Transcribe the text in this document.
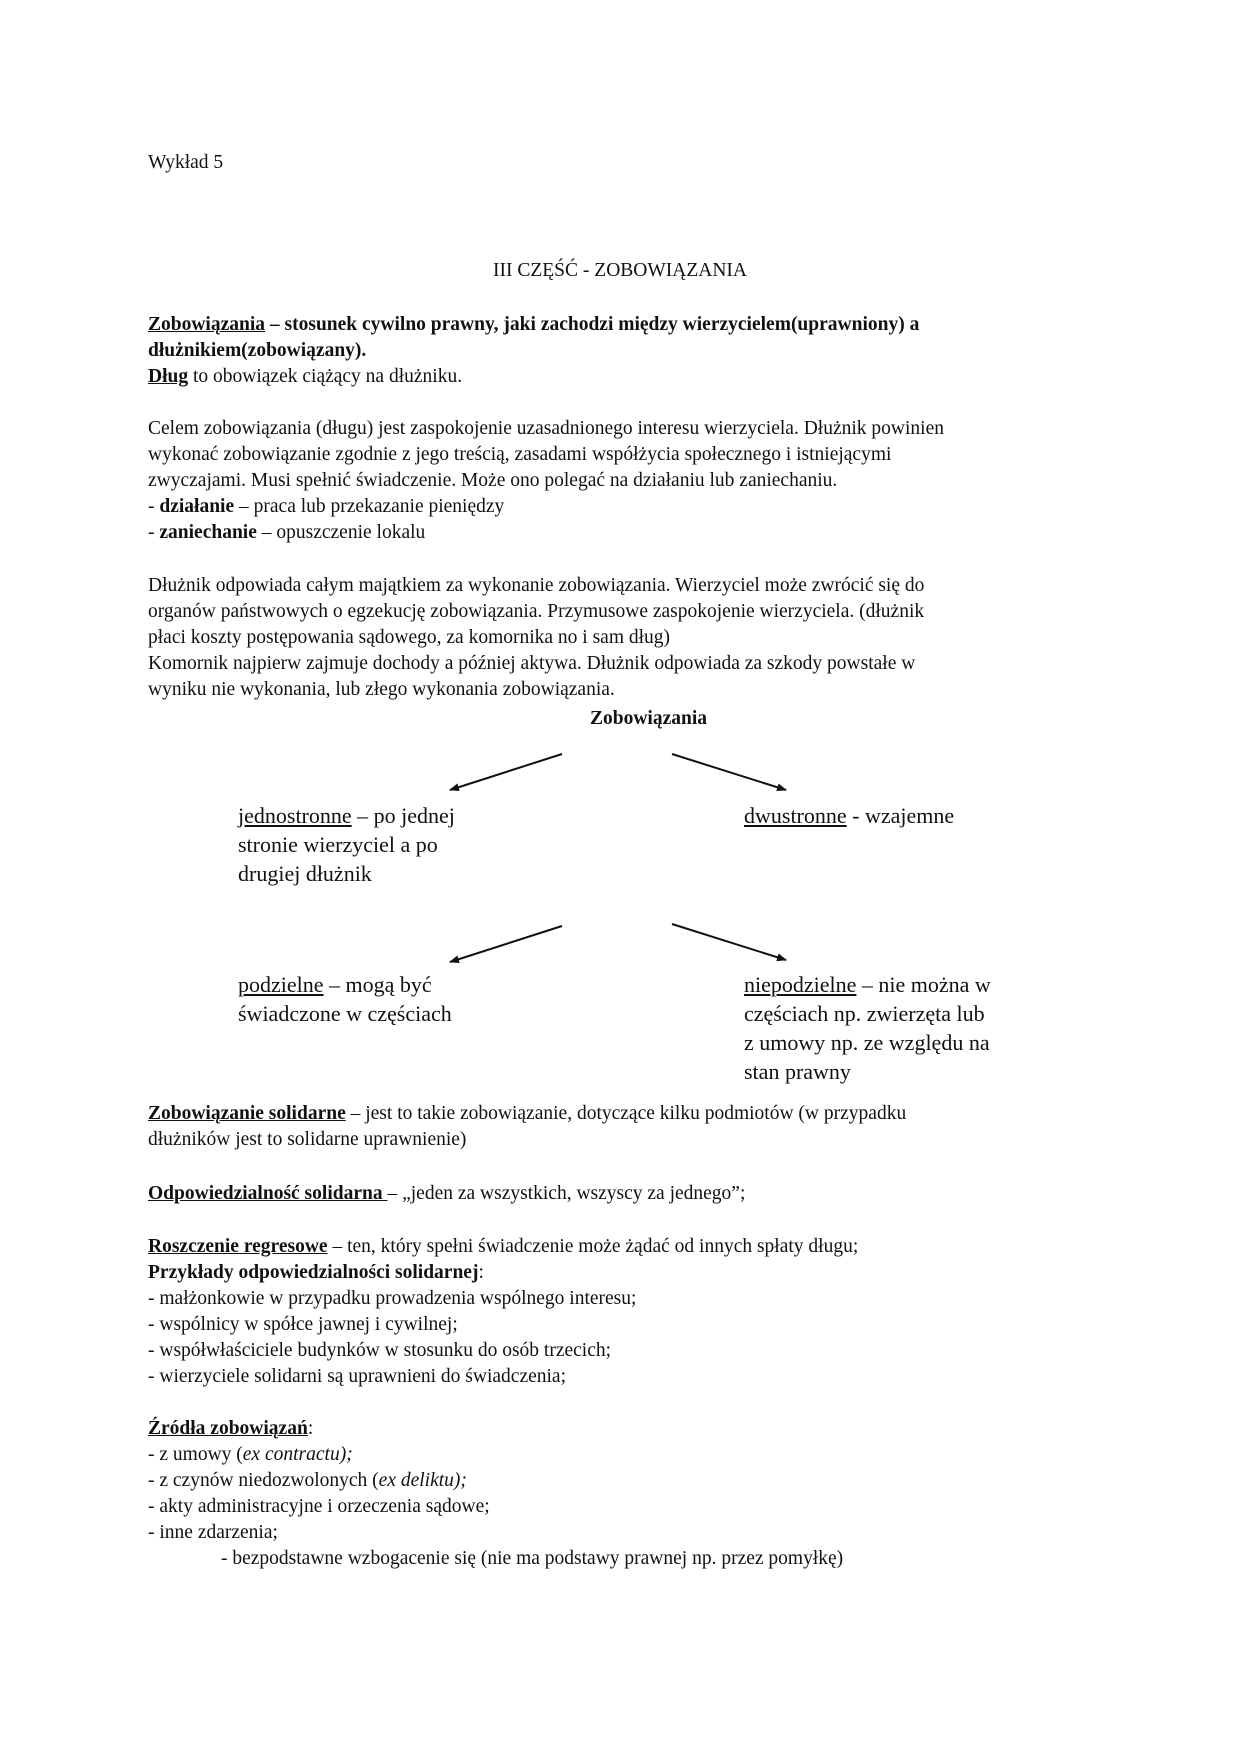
Wykład 5
III CZĘŚĆ - ZOBOWIĄZANIA
Zobowiązania – stosunek cywilno prawny, jaki zachodzi między wierzycielem(uprawniony) a
dłużnikiem(zobowiązany).
Dług to obowiązek ciążący na dłużniku.
Celem zobowiązania (długu) jest zaspokojenie uzasadnionego interesu wierzyciela. Dłużnik powinien
wykonać zobowiązanie zgodnie z jego treścią, zasadami współżycia społecznego i istniejącymi
zwyczajami. Musi spełnić świadczenie. Może ono polegać na działaniu lub zaniechaniu.
- działanie – praca lub przekazanie pieniędzy
- zaniechanie – opuszczenie lokalu
Dłużnik odpowiada całym majątkiem za wykonanie zobowiązania. Wierzyciel może zwrócić się do
organów państwowych o egzekucję zobowiązania. Przymusowe zaspokojenie wierzyciela. (dłużnik
płaci koszty postępowania sądowego, za komornika no i sam dług)
Komornik najpierw zajmuje dochody a później aktywa. Dłużnik odpowiada za szkody powstałe w
wyniku nie wykonania, lub złego wykonania zobowiązania.
Zobowiązania
jednostronne – po jednej
stronie wierzyciel a po
drugiej dłużnik
dwustronne - wzajemne
podzielne – mogą być
świadczone w częściach
niepodzielne – nie można w
częściach np. zwierzęta lub
z umowy np. ze względu na
stan prawny
Zobowiązanie solidarne – jest to takie zobowiązanie, dotyczące kilku podmiotów (w przypadku
dłużników jest to solidarne uprawnienie)
Odpowiedzialność solidarna – „jeden za wszystkich, wszyscy za jednego”;
Roszczenie regresowe – ten, który spełni świadczenie może żądać od innych spłaty długu;
Przykłady odpowiedzialności solidarnej:
- małżonkowie w przypadku prowadzenia wspólnego interesu;
- wspólnicy w spółce jawnej i cywilnej;
- współwłaściciele budynków w stosunku do osób trzecich;
- wierzyciele solidarni są uprawnieni do świadczenia;
Źródła zobowiązań:
- z umowy (ex contractu);
- z czynów niedozwolonych (ex deliktu);
- akty administracyjne i orzeczenia sądowe;
- inne zdarzenia;
- bezpodstawne wzbogacenie się (nie ma podstawy prawnej np. przez pomyłkę)
